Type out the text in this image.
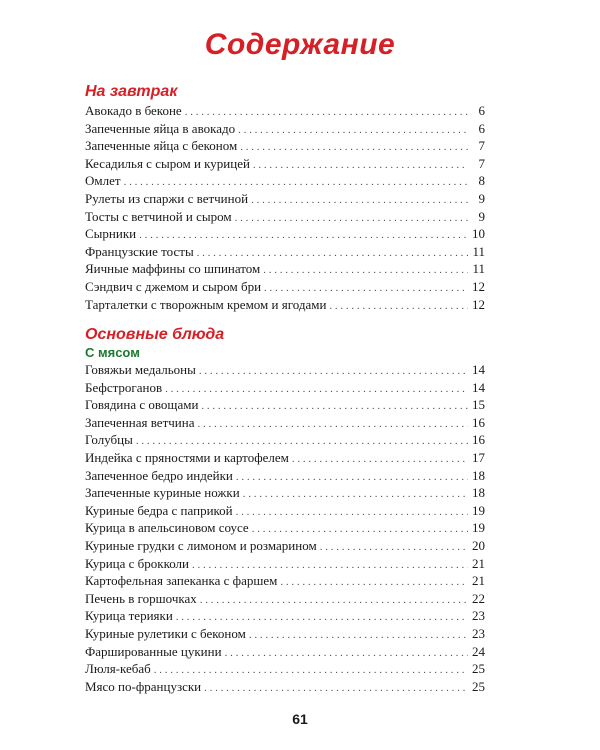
Содержание
На завтрак
Авокадо в беконе . . .	6
Запеченные яйца в авокадо . . .	6
Запеченные яйца с беконом . . .	7
Кесадилья с сыром и курицей . . .	7
Омлет . . .	8
Рулеты из спаржи с ветчиной . . .	9
Тосты с ветчиной и сыром . . .	9
Сырники . . .	10
Французские тосты . . .	11
Яичные маффины со шпинатом . . .	11
Сэндвич с джемом и сыром бри . . .	12
Тарталетки с творожным кремом и ягодами . . .	12
Основные блюда
С мясом
Говяжьи медальоны . . .	14
Бефстроганов . . .	14
Говядина с овощами . . .	15
Запеченная ветчина . . .	16
Голубцы . . .	16
Индейка с пряностями и картофелем . . .	17
Запеченное бедро индейки . . .	18
Запеченные куриные ножки . . .	18
Куриные бедра с паприкой . . .	19
Курица в апельсиновом соусе . . .	19
Куриные грудки с лимоном и розмарином . . .	20
Курица с брокколи . . .	21
Картофельная запеканка с фаршем . . .	21
Печень в горшочках . . .	22
Курица терияки . . .	23
Куриные рулетики с беконом . . .	23
Фаршированные цукини . . .	24
Люля-кебаб . . .	25
Мясо по-французски . . .	25
61
